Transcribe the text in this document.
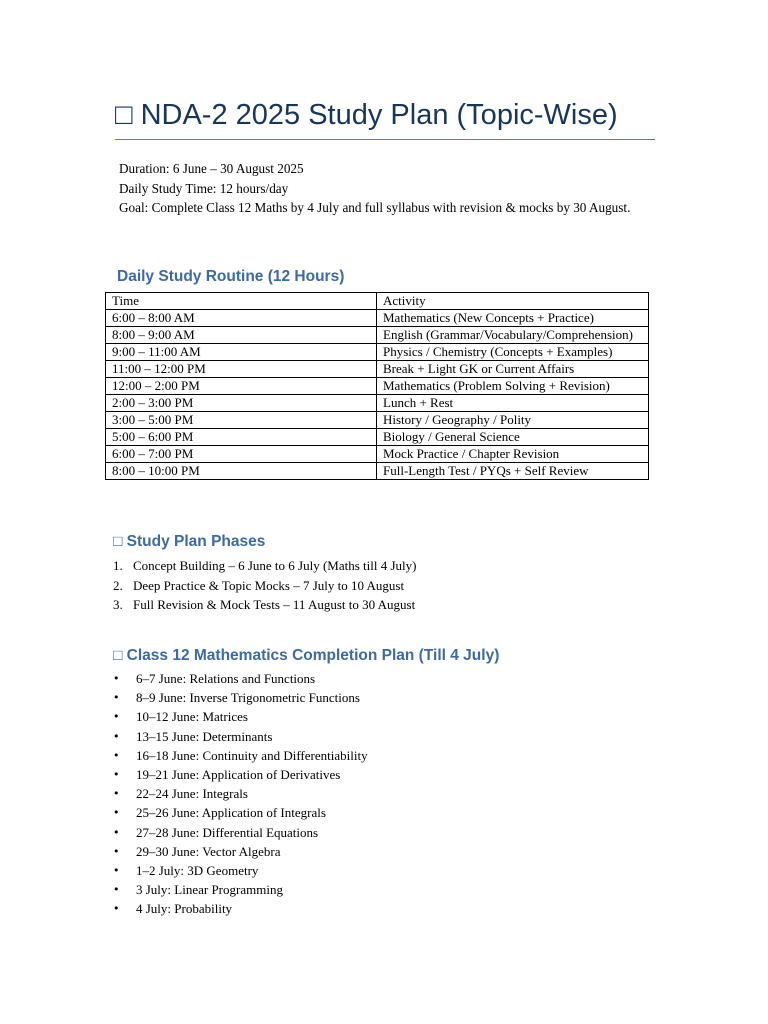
□ NDA-2 2025 Study Plan (Topic-Wise)
Duration: 6 June – 30 August 2025
Daily Study Time: 12 hours/day
Goal: Complete Class 12 Maths by 4 July and full syllabus with revision & mocks by 30 August.
Daily Study Routine (12 Hours)
Time	Activity
6:00 – 8:00 AM	Mathematics (New Concepts + Practice)
8:00 – 9:00 AM	English (Grammar/Vocabulary/Comprehension)
9:00 – 11:00 AM	Physics / Chemistry (Concepts + Examples)
11:00 – 12:00 PM	Break + Light GK or Current Affairs
12:00 – 2:00 PM	Mathematics (Problem Solving + Revision)
2:00 – 3:00 PM	Lunch + Rest
3:00 – 5:00 PM	History / Geography / Polity
5:00 – 6:00 PM	Biology / General Science
6:00 – 7:00 PM	Mock Practice / Chapter Revision
8:00 – 10:00 PM	Full-Length Test / PYQs + Self Review
□ Study Plan Phases
1. Concept Building – 6 June to 6 July (Maths till 4 July)
2. Deep Practice & Topic Mocks – 7 July to 10 August
3. Full Revision & Mock Tests – 11 August to 30 August
□ Class 12 Mathematics Completion Plan (Till 4 July)
• 6–7 June: Relations and Functions
• 8–9 June: Inverse Trigonometric Functions
• 10–12 June: Matrices
• 13–15 June: Determinants
• 16–18 June: Continuity and Differentiability
• 19–21 June: Application of Derivatives
• 22–24 June: Integrals
• 25–26 June: Application of Integrals
• 27–28 June: Differential Equations
• 29–30 June: Vector Algebra
• 1–2 July: 3D Geometry
• 3 July: Linear Programming
• 4 July: Probability
